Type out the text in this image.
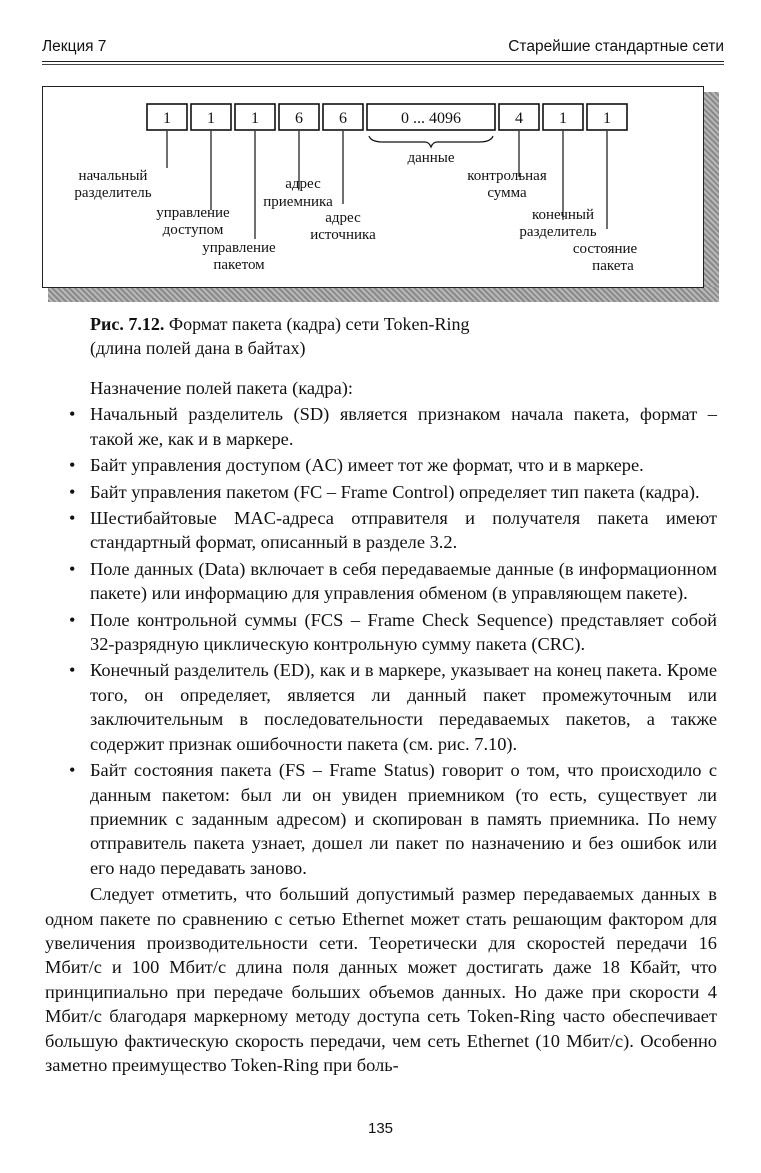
Лекция 7	Старейшие стандартные сети
1 1 1 6 6	0 ... 4096	4 1 1
начальный
разделитель
управление
доступом
управление
пакетом
адрес
приемника
адрес
источника
данные
контрольная
сумма
конечный
разделитель
состояние
пакета
Рис. 7.12. Формат пакета (кадра) сети Token-Ring
(длина полей дана в байтах)

Назначение полей пакета (кадра):

• Начальный разделитель (SD) является признаком начала пакета, формат – такой же, как и в маркере.
• Байт управления доступом (AC) имеет тот же формат, что и в маркере.
• Байт управления пакетом (FC – Frame Control) определяет тип пакета (кадра).
• Шестибайтовые MAC-адреса отправителя и получателя пакета имеют стандартный формат, описанный в разделе 3.2.
• Поле данных (Data) включает в себя передаваемые данные (в информационном пакете) или информацию для управления обменом (в управляющем пакете).
• Поле контрольной суммы (FCS – Frame Check Sequence) представляет собой 32-разрядную циклическую контрольную сумму пакета (CRC).
• Конечный разделитель (ED), как и в маркере, указывает на конец пакета. Кроме того, он определяет, является ли данный пакет промежуточным или заключительным в последовательности передаваемых пакетов, а также содержит признак ошибочности пакета (см. рис. 7.10).
• Байт состояния пакета (FS – Frame Status) говорит о том, что происходило с данным пакетом: был ли он увиден приемником (то есть, существует ли приемник с заданным адресом) и скопирован в память приемника. По нему отправитель пакета узнает, дошел ли пакет по назначению и без ошибок или его надо передавать заново.

Следует отметить, что больший допустимый размер передаваемых данных в одном пакете по сравнению с сетью Ethernet может стать решающим фактором для увеличения производительности сети. Теоретически для скоростей передачи 16 Мбит/с и 100 Мбит/с длина поля данных может достигать даже 18 Кбайт, что принципиально при передаче больших объемов данных. Но даже при скорости 4 Мбит/с благодаря маркерному методу доступа сеть Token-Ring часто обеспечивает большую фактическую скорость передачи, чем сеть Ethernet (10 Мбит/с). Особенно заметно преимущество Token-Ring при боль-

135
